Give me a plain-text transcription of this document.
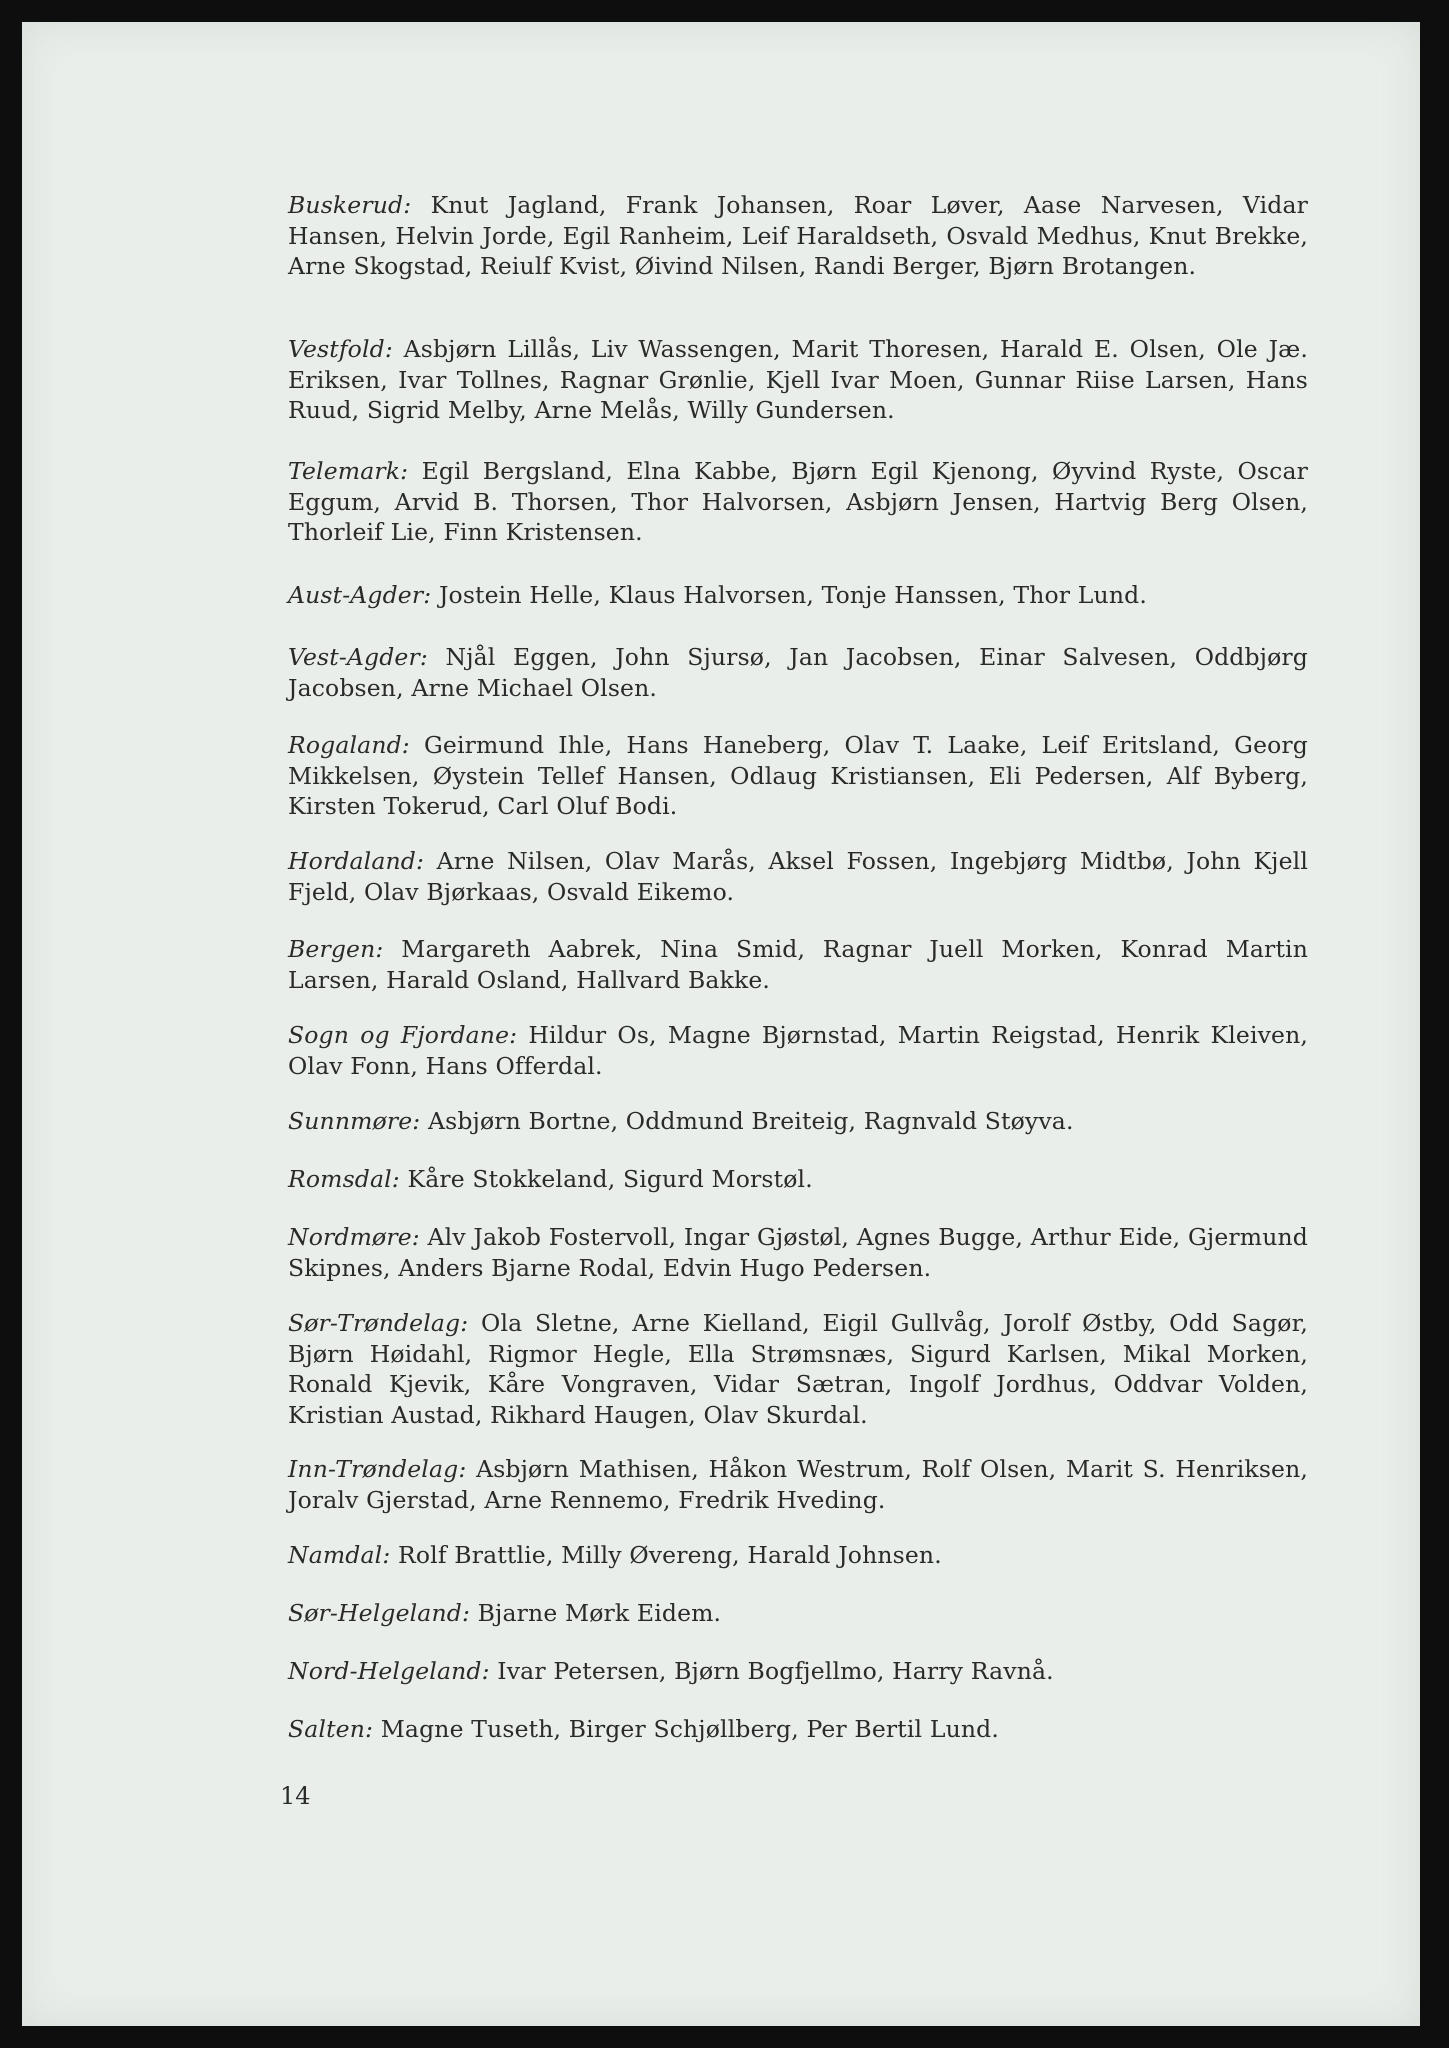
Buskerud: Knut Jagland, Frank Johansen, Roar Løver, Aase Narvesen, Vidar Hansen, Helvin Jorde, Egil Ranheim, Leif Haraldseth, Osvald Medhus, Knut Brekke, Arne Skogstad, Reiulf Kvist, Øivind Nilsen, Randi Berger, Bjørn Brotangen.

Vestfold: Asbjørn Lillås, Liv Wassengen, Marit Thoresen, Harald E. Olsen, Ole Jæ. Eriksen, Ivar Tollnes, Ragnar Grønlie, Kjell Ivar Moen, Gunnar Riise Larsen, Hans Ruud, Sigrid Melby, Arne Melås, Willy Gundersen.

Telemark: Egil Bergsland, Elna Kabbe, Bjørn Egil Kjenong, Øyvind Ryste, Oscar Eggum, Arvid B. Thorsen, Thor Halvorsen, Asbjørn Jensen, Hartvig Berg Olsen, Thorleif Lie, Finn Kristensen.

Aust-Agder: Jostein Helle, Klaus Halvorsen, Tonje Hanssen, Thor Lund.

Vest-Agder: Njål Eggen, John Sjursø, Jan Jacobsen, Einar Salvesen, Oddbjørg Jacobsen, Arne Michael Olsen.

Rogaland: Geirmund Ihle, Hans Haneberg, Olav T. Laake, Leif Eritsland, Georg Mikkelsen, Øystein Tellef Hansen, Odlaug Kristiansen, Eli Pedersen, Alf Byberg, Kirsten Tokerud, Carl Oluf Bodi.

Hordaland: Arne Nilsen, Olav Marås, Aksel Fossen, Ingebjørg Midtbø, John Kjell Fjeld, Olav Bjørkaas, Osvald Eikemo.

Bergen: Margareth Aabrek, Nina Smid, Ragnar Juell Morken, Konrad Martin Larsen, Harald Osland, Hallvard Bakke.

Sogn og Fjordane: Hildur Os, Magne Bjørnstad, Martin Reigstad, Henrik Kleiven, Olav Fonn, Hans Offerdal.

Sunnmøre: Asbjørn Bortne, Oddmund Breiteig, Ragnvald Støyva.

Romsdal: Kåre Stokkeland, Sigurd Morstøl.

Nordmøre: Alv Jakob Fostervoll, Ingar Gjøstøl, Agnes Bugge, Arthur Eide, Gjermund Skipnes, Anders Bjarne Rodal, Edvin Hugo Pedersen.

Sør-Trøndelag: Ola Sletne, Arne Kielland, Eigil Gullvåg, Jorolf Østby, Odd Sagør, Bjørn Høidahl, Rigmor Hegle, Ella Strømsnæs, Sigurd Karlsen, Mikal Morken, Ronald Kjevik, Kåre Vongraven, Vidar Sætran, Ingolf Jordhus, Oddvar Volden, Kristian Austad, Rikhard Haugen, Olav Skurdal.

Inn-Trøndelag: Asbjørn Mathisen, Håkon Westrum, Rolf Olsen, Marit S. Henriksen, Joralv Gjerstad, Arne Rennemo, Fredrik Hveding.

Namdal: Rolf Brattlie, Milly Øvereng, Harald Johnsen.

Sør-Helgeland: Bjarne Mørk Eidem.

Nord-Helgeland: Ivar Petersen, Bjørn Bogfjellmo, Harry Ravnå.

Salten: Magne Tuseth, Birger Schjøllberg, Per Bertil Lund.

14
